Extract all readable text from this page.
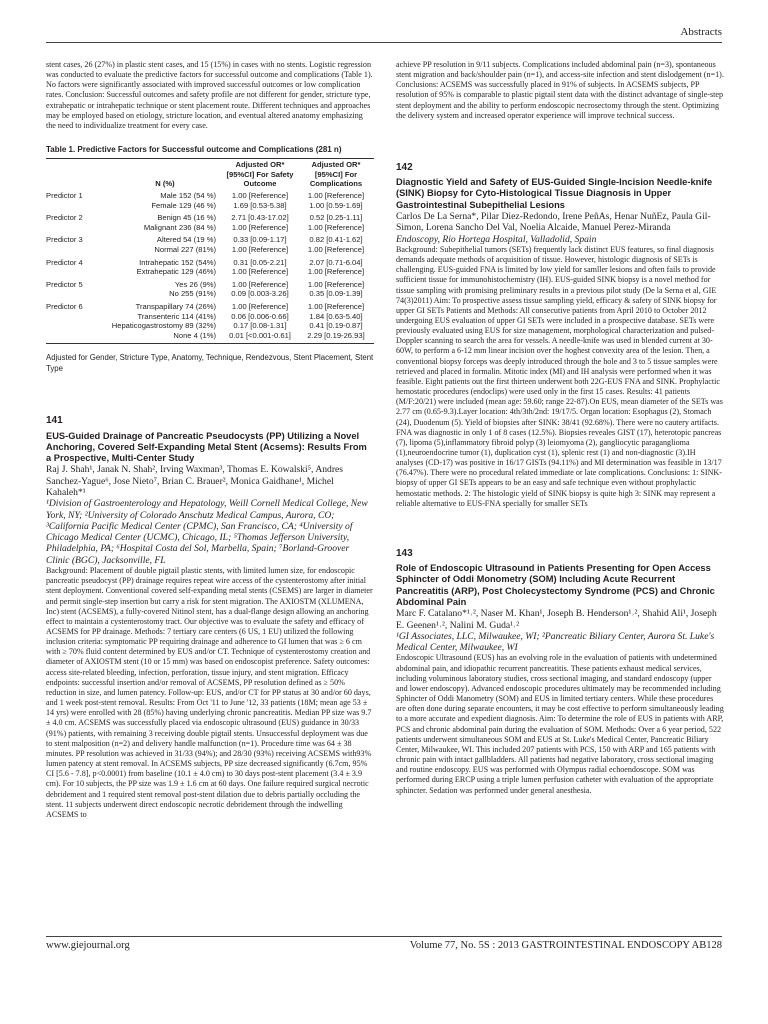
Abstracts

stent cases, 26 (27%) in plastic stent cases, and 15 (15%) in cases with no stents. Logistic regression was conducted to evaluate the predictive factors for successful outcome and complications (Table 1). No factors were significantly associated with improved successful outcomes or low complication rates. Conclusion: Successful outcomes and safety profile are not different for gender, stricture type, extrahepatic or intrahepatic technique or stent placement route. Different techniques and approaches may be employed based on etiology, stricture location, and eventual altered anatomy emphasizing the need to individualize treatment for every case.

Table 1. Predictive Factors for Successful outcome and Complications (281 n)
	N (%)	Adjusted OR* [95%CI] For Safety Outcome	Adjusted OR* [95%CI] For Complications
Predictor 1	Male 152 (54 %)	1.00 [Reference]	1.00 [Reference]
	Female 129 (46 %)	1.69 [0.53-5.38]	1.00 [0.59-1.69]
Predictor 2	Benign 45 (16 %)	2.71 [0.43-17.02]	0.52 [0.25-1.11]
	Malignant 236 (84 %)	1.00 [Reference]	1.00 [Reference]
Predictor 3	Altered 54 (19 %)	0.33 [0.09-1.17]	0.82 [0.41-1.62]
	Normal 227 (81%)	1.00 [Reference]	1.00 [Reference]
Predictor 4	Intrahepatic 152 (54%)	0.31 [0.05-2.21]	2.07 [0.71-6.04]
	Extrahepatic 129 (46%)	1.00 [Reference]	1.00 [Reference]
Predictor 5	Yes 26 (9%)	1.00 [Reference]	1.00 [Reference]
	No 255 (91%)	0.09 [0.003-3.26]	0.35 [0.09-1.39]
Predictor 6	Transpapillary 74 (26%)	1.00 [Reference]	1.00 [Reference]
	Transenteric 114 (41%)	0.06 [0.006-0.66]	1.84 [0.63-5.40]
	Hepaticogastrostomy 89 (32%)	0.17 [0.08-1.31]	0.41 [0.19-0.87]
	None 4 (1%)	0.01 [<0.001-0.61]	2.29 [0.19-26.93]
Adjusted for Gender, Stricture Type, Anatomy, Technique, Rendezvous, Stent Placement, Stent Type
141
EUS-Guided Drainage of Pancreatic Pseudocysts (PP) Utilizing a Novel Anchoring, Covered Self-Expanding Metal Stent (Acsems): Results From a Prospective, Multi-Center Study
Raj J. Shah¹, Janak N. Shah², Irving Waxman³, Thomas E. Kowalski⁵, Andres Sanchez-Yague⁶, Jose Nieto⁷, Brian C. Brauer², Monica Gaidhane¹, Michel Kahaleh*¹
¹Division of Gastroenterology and Hepatology, Weill Cornell Medical College, New York, NY; ²University of Colorado Anschutz Medical Campus, Aurora, CO; ³California Pacific Medical Center (CPMC), San Francisco, CA; ⁴University of Chicago Medical Center (UCMC), Chicago, IL; ⁵Thomas Jefferson University, Philadelphia, PA; ⁶Hospital Costa del Sol, Marbella, Spain; ⁷Borland-Groover Clinic (BGC), Jacksonville, FL

Background: Placement of double pigtail plastic stents, with limited lumen size, for endoscopic pancreatic pseudocyst (PP) drainage requires repeat wire access of the cystenterostomy after initial stent deployment. Conventional covered self-expanding metal stents (CSEMS) are larger in diameter and permit single-step insertion but carry a risk for stent migration. The AXIOSTM (XLUMENA, Inc) stent (ACSEMS), a fully-covered Nitinol stent, has a dual-flange design allowing an anchoring effect to maintain a cystenterostomy tract. Our objective was to evaluate the safety and efficacy of ACSEMS for PP drainage. Methods: 7 tertiary care centers (6 US, 1 EU) utilized the following inclusion criteria: symptomatic PP requiring drainage and adherence to GI lumen that was ≥ 6 cm with ≥ 70% fluid content determined by EUS and/or CT. Technique of cystenterostomy creation and diameter of AXIOSTM stent (10 or 15 mm) was based on endoscopist preference. Safety outcomes: access site-related bleeding, infection, perforation, tissue injury, and stent migration. Efficacy endpoints: successful insertion and/or removal of ACSEMS, PP resolution defined as ≥ 50% reduction in size, and lumen patency. Follow-up: EUS, and/or CT for PP status at 30 and/or 60 days, and 1 week post-stent removal. Results: From Oct '11 to June '12, 33 patients (18M; mean age 53 ± 14 yrs) were enrolled with 28 (85%) having underlying chronic pancreatitis. Median PP size was 9.7 ± 4.0 cm. ACSEMS was successfully placed via endoscopic ultrasound (EUS) guidance in 30/33 (91%) patients, with remaining 3 receiving double pigtail stents. Unsuccessful deployment was due to stent malposition (n=2) and delivery handle malfunction (n=1). Procedure time was 64 ± 38 minutes. PP resolution was achieved in 31/33 (94%); and 28/30 (93%) receiving ACSEMS with93% lumen patency at stent removal. In ACSEMS subjects, PP size decreased significantly (6.7cm, 95% CI [5.6 - 7.8], p<0.0001) from baseline (10.1 ± 4.0 cm) to 30 days post-stent placement (3.4 ± 3.9 cm). For 10 subjects, the PP size was 1.9 ± 1.6 cm at 60 days. One failure required surgical necrotic debridement and 1 required stent removal post-stent dilation due to debris partially occluding the stent. 11 subjects underwent direct endoscopic necrotic debridement through the indwelling ACSEMS to

achieve PP resolution in 9/11 subjects. Complications included abdominal pain (n=3), spontaneous stent migration and back/shoulder pain (n=1), and access-site infection and stent dislodgement (n=1). Conclusions: ACSEMS was successfully placed in 91% of subjects. In ACSEMS subjects, PP resolution of 95% is comparable to plastic pigtail stent data with the distinct advantage of single-step stent deployment and the ability to perform endoscopic necrosectomy through the stent. Optimizing the delivery system and increased operator experience will improve technical success.

142
Diagnostic Yield and Safety of EUS-Guided Single-Incision Needle-knife (SINK) Biopsy for Cyto-Histological Tissue Diagnosis in Upper Gastrointestinal Subepithelial Lesions
Carlos De La Serna*, Pilar Diez-Redondo, Irene PeñAs, Henar NuñEz, Paula Gil-Simon, Lorena Sancho Del Val, Noelia Alcaide, Manuel Perez-Miranda
Endoscopy, Rio Hortega Hospital, Valladolid, Spain

Background: Subepithelial tumors (SETs) frequently lack distinct EUS features, so final diagnosis demands adequate methods of acquisition of tissue. However, histologic diagnosis of SETs is challenging. EUS-guided FNA is limited by low yield for samller lesions and often fails to provide sufficient tissue for immunohistochemistry (IH). EUS-guided SINK biopsy is a novel method for tissue sampling with promising preliminary results in a previous pilot study (De la Serna et al, GIE 74(3)2011) Aim: To prospective assess tissue sampling yield, efficacy & safety of SINK biopsy for upper GI SETs Patients and Methods: All consecutive patients from April 2010 to October 2012 undergoing EUS evaluation of upper GI SETs were included in a prospective database. SETs were previously evaluated using EUS for size management, morphological characterization and pulsed-Doppler scanning to search the area for vessels. A needle-knife was used in blended current at 30-60W, to perform a 6-12 mm linear incision over the hoghest convexity area of the lesion. Then, a conventional biopsy forceps was deeply introduced through the hole and 3 to 5 tissue samples were retrieved and placed in formalin. Mitotic index (MI) and IH analysis were performed when it was feasible. Eight patients out the first thirteen underwent both 22G-EUS FNA and SINK. Prophylactic hemostatic procedures (endoclips) were used only in the first 15 cases. Results: 41 patients (M/F:20/21) were included (mean age: 59.60; range 22-87).On EUS, mean diameter of the SETs was 2.77 cm (0.65-9.3).Layer location: 4th/3th/2nd: 19/17/5. Organ location: Esophagus (2), Stomach (24), Duodenum (5). Yield of biopsies after SINK: 38/41 (92.68%). There were no cautery artifacts. FNA was diagnostic in only 1 of 8 cases (12.5%). Biopsies reveales GIST (17), heterotopic pancreas (7), lipoma (5),inflammatory fibroid polyp (3) leiomyoma (2), gangliocytic paraganglioma (1),neuroendocrine tumor (1), duplication cyst (1), splenic rest (1) and non-diagnostic (3).IH analyses (CD-17) was positive in 16/17 GISTs (94.11%) and MI determination was feasible in 13/17 (76.47%). There were no procedural related immediate or late complications. Conclusions: 1: SINK-biopsy of upper GI SETs appears to be an easy and safe technique even without prophylactic hemostatic methods. 2: The histologic yield of SINK biopsy is quite high 3: SINK may represent a reliable alternative to EUS-FNA specially for smaller SETs

143
Role of Endoscopic Ultrasound in Patients Presenting for Open Access Sphincter of Oddi Monometry (SOM) Including Acute Recurrent Pancreatitis (ARP), Post Cholecystectomy Syndrome (PCS) and Chronic Abdominal Pain
Marc F. Catalano*¹˒², Naser M. Khan¹, Joseph B. Henderson¹˒², Shahid Ali¹, Joseph E. Geenen¹˒², Nalini M. Guda¹˒²
¹GI Associates, LLC, Milwaukee, WI; ²Pancreatic Biliary Center, Aurora St. Luke's Medical Center, Milwaukee, WI

Endoscopic Ultrasound (EUS) has an evolving role in the evaluation of patients with undetermined abdominal pain, and idiopathic recurrent pancreatitis. These patients exhaust medical services, including voluminous laboratory studies, cross sectional imaging, and standard endoscopy (upper and lower endoscopy). Advanced endoscopic procedures ultimately may be recommended including Sphincter of Oddi Manometry (SOM) and EUS in limited tertiary centers. While these procedures are often done during separate encounters, it may be cost effective to perform simultaneously leading to a more accurate and expedient diagnosis. Aim: To determine the role of EUS in patients with ARP, PCS and chronic abdominal pain during the evaluation of SOM. Methods: Over a 6 year period, 522 patients underwent simultaneous SOM and EUS at St. Luke's Medical Center, Pancreatic Biliary Center, Milwaukee, WI. This included 207 patients with PCS, 150 with ARP and 165 patients with chronic pain with intact gallbladders. All patients had negative laboratory, cross sectional imaging and routine endoscopy. EUS was performed with Olympus radial echoendoscope. SOM was performed during ERCP using a triple lumen perfusion catheter with evaluation of the appropriate sphincter. Sedation was performed under general anesthesia.

www.giejournal.org	Volume 77, No. 5S : 2013 GASTROINTESTINAL ENDOSCOPY AB128
